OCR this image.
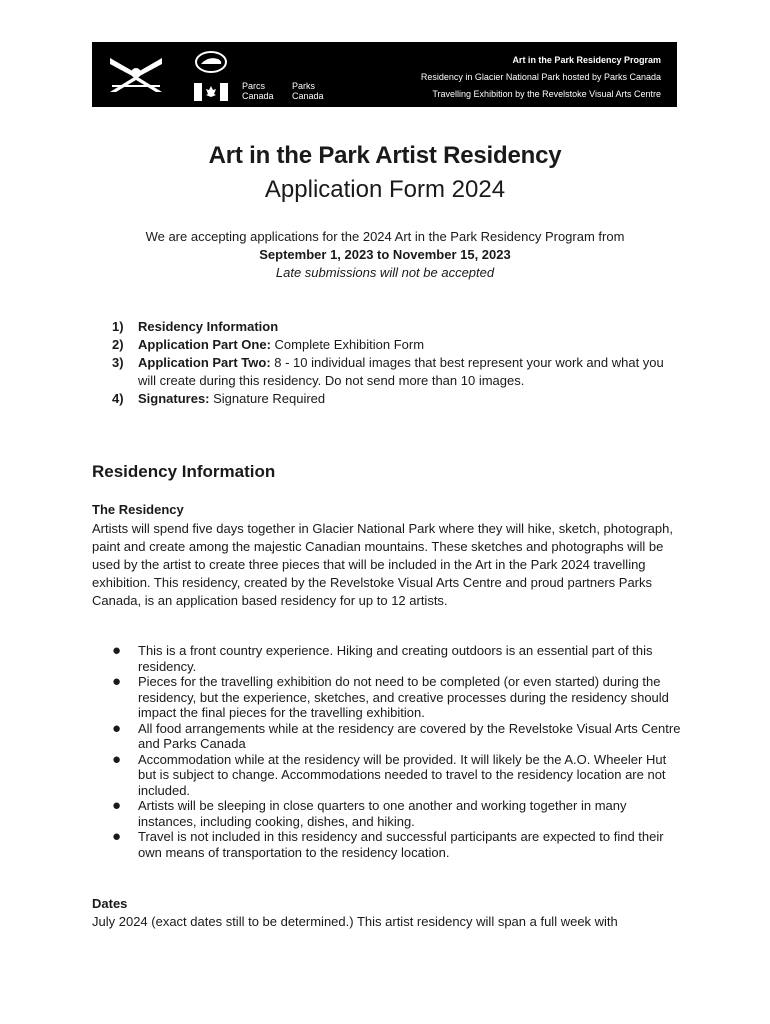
Parcs
Canada
Parks
Canada
Art in the Park Residency Program
Residency in Glacier National Park hosted by Parks Canada
Travelling Exhibition by the Revelstoke Visual Arts Centre
Art in the Park Artist Residency
Application Form 2024
We are accepting applications for the 2024 Art in the Park Residency Program from
September 1, 2023 to November 15, 2023
Late submissions will not be accepted
1)	Residency Information
2)	Application Part One: Complete Exhibition Form
3)	Application Part Two: 8 - 10 individual images that best represent your work and what you will create during this residency. Do not send more than 10 images.
4)	Signatures: Signature Required
Residency Information
The Residency
Artists will spend five days together in Glacier National Park where they will hike, sketch, photograph, paint and create among the majestic Canadian mountains. These sketches and photographs will be used by the artist to create three pieces that will be included in the Art in the Park 2024 travelling exhibition. This residency, created by the Revelstoke Visual Arts Centre and proud partners Parks Canada, is an application based residency for up to 12 artists.
●	This is a front country experience. Hiking and creating outdoors is an essential part of this residency.
●	Pieces for the travelling exhibition do not need to be completed (or even started) during the residency, but the experience, sketches, and creative processes during the residency should impact the final pieces for the travelling exhibition.
●	All food arrangements while at the residency are covered by the Revelstoke Visual Arts Centre and Parks Canada
●	Accommodation while at the residency will be provided. It will likely be the A.O. Wheeler Hut but is subject to change. Accommodations needed to travel to the residency location are not included.
●	Artists will be sleeping in close quarters to one another and working together in many instances, including cooking, dishes, and hiking.
●	Travel is not included in this residency and successful participants are expected to find their own means of transportation to the residency location.
Dates
July 2024 (exact dates still to be determined.) This artist residency will span a full week with
